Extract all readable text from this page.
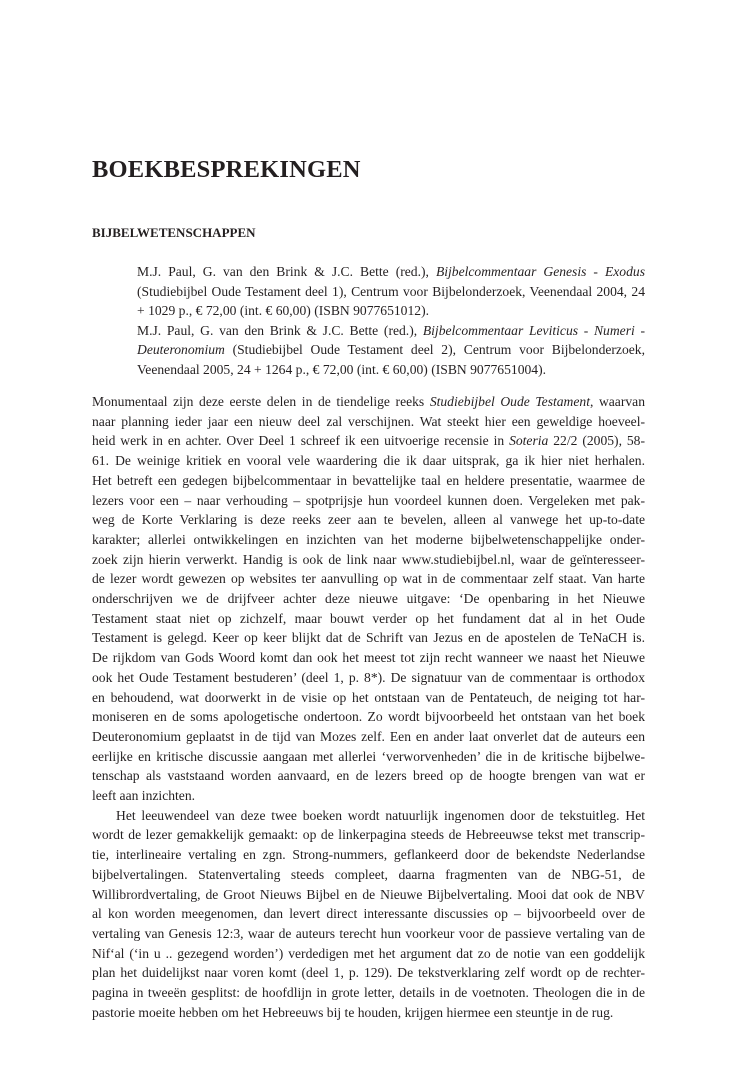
BOEKBESPREKINGEN
BIJBELWETENSCHAPPEN

M.J. Paul, G. van den Brink & J.C. Bette (red.), Bijbelcommentaar Genesis - Exodus (Studiebijbel Oude Testament deel 1), Centrum voor Bijbelonderzoek, Veenendaal 2004, 24 + 1029 p., € 72,00 (int. € 60,00) (ISBN 9077651012).

M.J. Paul, G. van den Brink & J.C. Bette (red.), Bijbelcommentaar Leviticus - Numeri - Deuteronomium (Studiebijbel Oude Testament deel 2), Centrum voor Bijbelonderzoek, Veenendaal 2005, 24 + 1264 p., € 72,00 (int. € 60,00) (ISBN 9077651004).

Monumentaal zijn deze eerste delen in de tiendelige reeks Studiebijbel Oude Testament, waarvan
naar planning ieder jaar een nieuw deel zal verschijnen. Wat steekt hier een geweldige hoeveel-
heid werk in en achter. Over Deel 1 schreef ik een uitvoerige recensie in Soteria 22/2 (2005), 58-
61. De weinige kritiek en vooral vele waardering die ik daar uitsprak, ga ik hier niet herhalen.
Het betreft een gedegen bijbelcommentaar in bevattelijke taal en heldere presentatie, waarmee de
lezers voor een – naar verhouding – spotprijsje hun voordeel kunnen doen. Vergeleken met pak-
weg de Korte Verklaring is deze reeks zeer aan te bevelen, alleen al vanwege het up-to-date
karakter; allerlei ontwikkelingen en inzichten van het moderne bijbelwetenschappelijke onder-
zoek zijn hierin verwerkt. Handig is ook de link naar www.studiebijbel.nl, waar de geïnteresseer-
de lezer wordt gewezen op websites ter aanvulling op wat in de commentaar zelf staat. Van harte
onderschrijven we de drijfveer achter deze nieuwe uitgave: ‘De openbaring in het Nieuwe
Testament staat niet op zichzelf, maar bouwt verder op het fundament dat al in het Oude
Testament is gelegd. Keer op keer blijkt dat de Schrift van Jezus en de apostelen de TeNaCH is.
De rijkdom van Gods Woord komt dan ook het meest tot zijn recht wanneer we naast het Nieuwe
ook het Oude Testament bestuderen’ (deel 1, p. 8*). De signatuur van de commentaar is orthodox
en behoudend, wat doorwerkt in de visie op het ontstaan van de Pentateuch, de neiging tot har-
moniseren en de soms apologetische ondertoon. Zo wordt bijvoorbeeld het ontstaan van het boek
Deuteronomium geplaatst in de tijd van Mozes zelf. Een en ander laat onverlet dat de auteurs een
eerlijke en kritische discussie aangaan met allerlei ‘verworvenheden’ die in de kritische bijbelwe-
tenschap als vaststaand worden aanvaard, en de lezers breed op de hoogte brengen van wat er
leeft aan inzichten.
Het leeuwendeel van deze twee boeken wordt natuurlijk ingenomen door de tekstuitleg. Het
wordt de lezer gemakkelijk gemaakt: op de linkerpagina steeds de Hebreeuwse tekst met transcrip-
tie, interlineaire vertaling en zgn. Strong-nummers, geflankeerd door de bekendste Nederlandse
bijbelvertalingen. Statenvertaling steeds compleet, daarna fragmenten van de NBG-51, de
Willibrordvertaling, de Groot Nieuws Bijbel en de Nieuwe Bijbelvertaling. Mooi dat ook de NBV
al kon worden meegenomen, dan levert direct interessante discussies op – bijvoorbeeld over de
vertaling van Genesis 12:3, waar de auteurs terecht hun voorkeur voor de passieve vertaling van de
Nif‘al (‘in u .. gezegend worden’) verdedigen met het argument dat zo de notie van een goddelijk
plan het duidelijkst naar voren komt (deel 1, p. 129). De tekstverklaring zelf wordt op de rechter-
pagina in tweeën gesplitst: de hoofdlijn in grote letter, details in de voetnoten. Theologen die in de
pastorie moeite hebben om het Hebreeuws bij te houden, krijgen hiermee een steuntje in de rug.
